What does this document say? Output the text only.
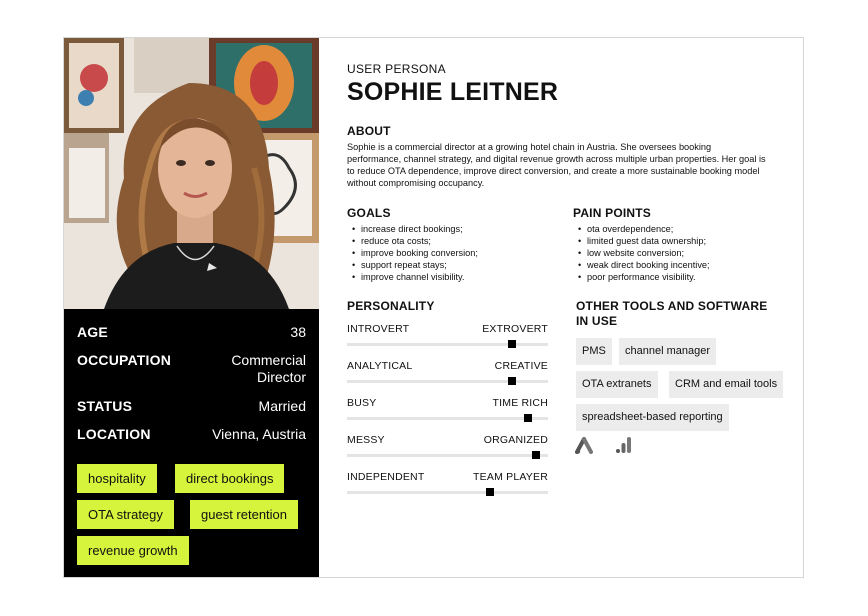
AGE	38
OCCUPATION	Commercial Director
STATUS	Married
LOCATION	Vienna, Austria
hospitality	direct bookings
OTA strategy	guest retention
revenue growth
USER PERSONA
SOPHIE LEITNER
ABOUT
Sophie is a commercial director at a growing hotel chain in Austria. She oversees booking performance, channel strategy, and digital revenue growth across multiple urban properties. Her goal is to reduce OTA dependence, improve direct conversion, and create a more sustainable booking model without compromising occupancy.
GOALS
• increase direct bookings;
• reduce ota costs;
• improve booking conversion;
• support repeat stays;
• improve channel visibility.
PAIN POINTS
• ota overdependence;
• limited guest data ownership;
• low website conversion;
• weak direct booking incentive;
• poor performance visibility.
PERSONALITY
INTROVERT	EXTROVERT
ANALYTICAL	CREATIVE
BUSY	TIME RICH
MESSY	ORGANIZED
INDEPENDENT	TEAM PLAYER
OTHER TOOLS AND SOFTWARE IN USE
PMS	channel manager
OTA extranets	CRM and email tools
spreadsheet-based reporting
